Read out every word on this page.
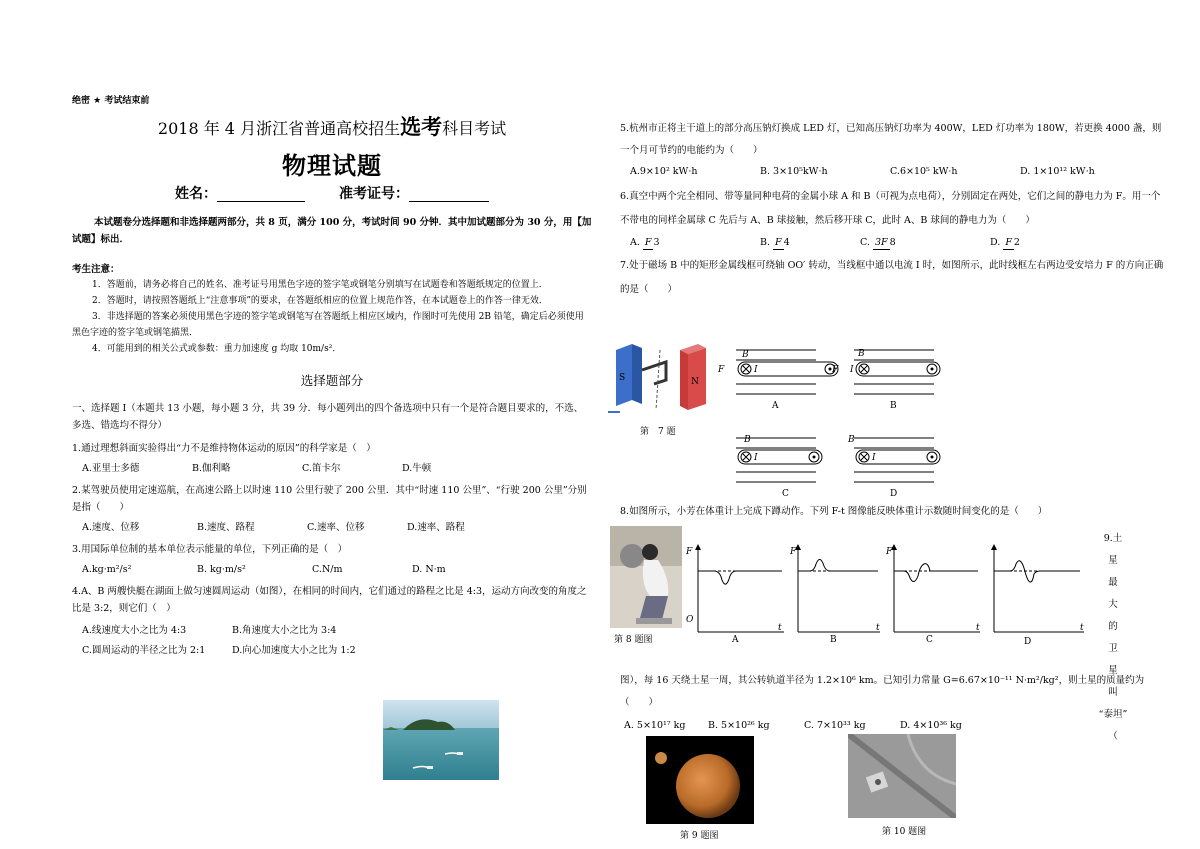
绝密 ★ 考试结束前
2018 年 4 月浙江省普通高校招生选考科目考试
物理试题
姓名：	准考证号：
本试题卷分选择题和非选择题两部分，共 8 页，满分 100 分，考试时间 90 分钟．其中加试题部分为 30 分，用【加试题】标出．
考生注意：
1．答题前，请务必将自己的姓名、准考证号用黑色字迹的签字笔或钢笔分别填写在试题卷和答题纸规定的位置上．
2．答题时，请按照答题纸上“注意事项”的要求，在答题纸相应的位置上规范作答，在本试题卷上的作答一律无效．
3．非选择题的答案必须使用黑色字迹的签字笔或钢笔写在答题纸上相应区域内，作图时可先使用 2B 铅笔，确定后必须使用黑色字迹的签字笔或钢笔描黑．
4．可能用到的相关公式或参数：重力加速度 g 均取 10m/s²．
选择题部分
一、选择题 Ⅰ（本题共 13 小题，每小题 3 分，共 39 分．每小题列出的四个备选项中只有一个是符合题目要求的，不选、多选、错选均不得分）
1.通过理想斜面实验得出“力不是维持物体运动的原因”的科学家是（　）
A.亚里士多德	B.伽利略	C.笛卡尔	D.牛顿
2.某驾驶员使用定速巡航，在高速公路上以时速 110 公里行驶了 200 公里．其中“时速 110 公里”、“行驶 200 公里”分别是指（　　）
A.速度、位移	B.速度、路程	C.速率、位移	D.速率、路程
3.用国际单位制的基本单位表示能量的单位，下列正确的是（　）
A.kg·m²/s²	B. kg·m/s²	C.N/m	D. N·m
4.A、B 两艘快艇在湖面上做匀速圆周运动（如图），在相同的时间内，它们通过的路程之比是 4:3，运动方向改变的角度之比是 3:2，则它们（　）
A.线速度大小之比为 4:3	B.角速度大小之比为 3:4
C.圆周运动的半径之比为 2:1	D.向心加速度大小之比为 1:2
5.杭州市正将主干道上的部分高压钠灯换成 LED 灯，已知高压钠灯功率为 400W，LED 灯功率为 180W，若更换 4000 盏，则一个月可节约的电能约为（　　）
A.9×10² kW·h	B. 3×10⁵kW·h	C.6×10⁵ kW·h	D. 1×10¹² kW·h
6.真空中两个完全相同、带等量同种电荷的金属小球 A 和 B（可视为点电荷），分别固定在两处，它们之间的静电力为 F。用一个不带电的同样金属球 C 先后与 A、B 球接触，然后移开球 C，此时 A、B 球间的静电力为（　　）
A. F 3	B. F 4	C. 3F 8	D. F 2
7.处于磁场 B 中的矩形金属线框可绕轴 OO′ 转动，当线框中通以电流 I 时，如图所示，此时线框左右两边受安培力 F 的方向正确的是（　　）
S	N
第　7 题
B
I
F	F
A
B
I
B
B
I
C
B
I
D
8.如图所示，小芳在体重计上完成下蹲动作。下列 F-t 图像能反映体重计示数随时间变化的是（　　）
第 8 题图
F
O
t
A
F
t
B
F
t
C
t
D
9.土
星
最
大
的
卫
星
叫
“泰坦”
（
图），每 16 天绕土星一周，其公转轨道半径为 1.2×10⁶ km。已知引力常量 G=6.67×10⁻¹¹ N·m²/kg²，则土星的质量约为（　　）
A. 5×10¹⁷ kg	B. 5×10²⁶ kg	C. 7×10³³ kg	D. 4×10³⁶ kg
第 9 题图	第 10 题图
